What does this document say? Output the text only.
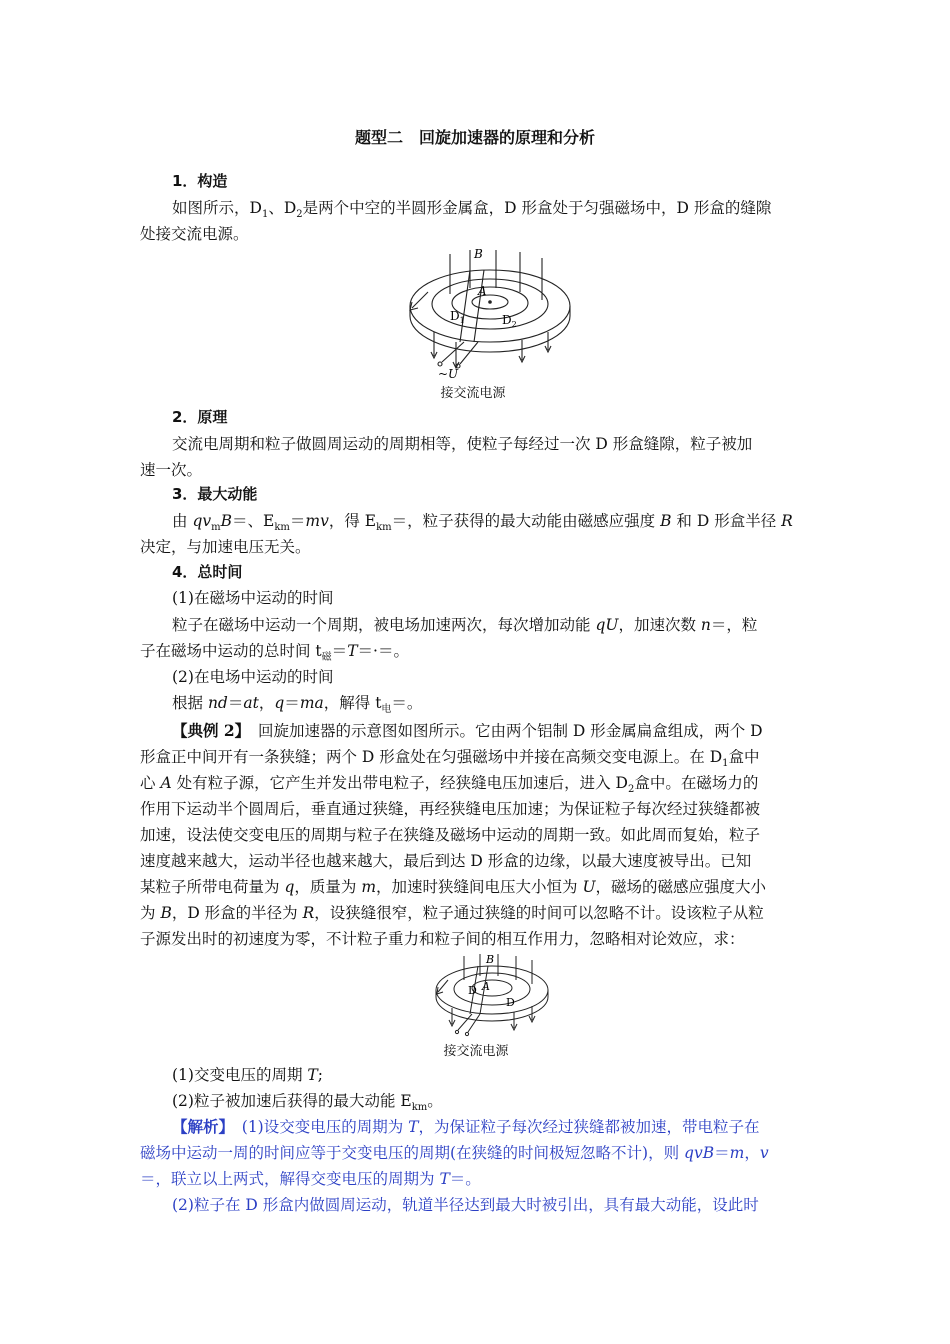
题型二　回旋加速器的原理和分析
1．构造
如图所示，$D_1$、$D_2$是两个中空的半圆形金属盒，D 形盒处于匀强磁场中，D 形盒的缝隙
处接交流电源。
B
A
$D_1$	$D_2$
~U
接交流电源
2．原理
交流电周期和粒子做圆周运动的周期相等，使粒子每经过一次 D 形盒缝隙，粒子被加
速一次。
3．最大动能
由 $qv_mB=$、$E_{km}=mv$，得 $E_{km}=$，粒子获得的最大动能由磁感应强度 B 和 D 形盒半径 R
决定，与加速电压无关。
4．总时间
(1)在磁场中运动的时间
粒子在磁场中运动一个周期，被电场加速两次，每次增加动能 qU，加速次数 n＝，粒
子在磁场中运动的总时间 $t_磁=T=\cdot=$。
(2)在电场中运动的时间
根据 nd＝at，q＝ma，解得 $t_电=$。
【典例 2】　回旋加速器的示意图如图所示。它由两个铝制 D 形金属扁盒组成，两个 D
形盒正中间开有一条狭缝；两个 D 形盒处在匀强磁场中并接在高频交变电源上。在 $D_1$盒中
心 A 处有粒子源，它产生并发出带电粒子，经狭缝电压加速后，进入 $D_2$盒中。在磁场力的
作用下运动半个圆周后，垂直通过狭缝，再经狭缝电压加速；为保证粒子每次经过狭缝都被
加速，设法使交变电压的周期与粒子在狭缝及磁场中运动的周期一致。如此周而复始，粒子
速度越来越大，运动半径也越来越大，最后到达 D 形盒的边缘，以最大速度被导出。已知
某粒子所带电荷量为 q，质量为 m，加速时狭缝间电压大小恒为 U，磁场的磁感应强度大小
为 B，D 形盒的半径为 R，设狭缝很窄，粒子通过狭缝的时间可以忽略不计。设该粒子从粒
子源发出时的初速度为零，不计粒子重力和粒子间的相互作用力，忽略相对论效应，求：
B
A
D
D
接交流电源
(1)交变电压的周期 T;
(2)粒子被加速后获得的最大动能 $E_{km}$。
【解析】　(1)设交变电压的周期为 T，为保证粒子每次经过狭缝都被加速，带电粒子在
磁场中运动一周的时间应等于交变电压的周期(在狭缝的时间极短忽略不计)，则 qvB＝m，v
＝，联立以上两式，解得交变电压的周期为 T＝。
(2)粒子在 D 形盒内做圆周运动，轨道半径达到最大时被引出，具有最大动能，设此时
